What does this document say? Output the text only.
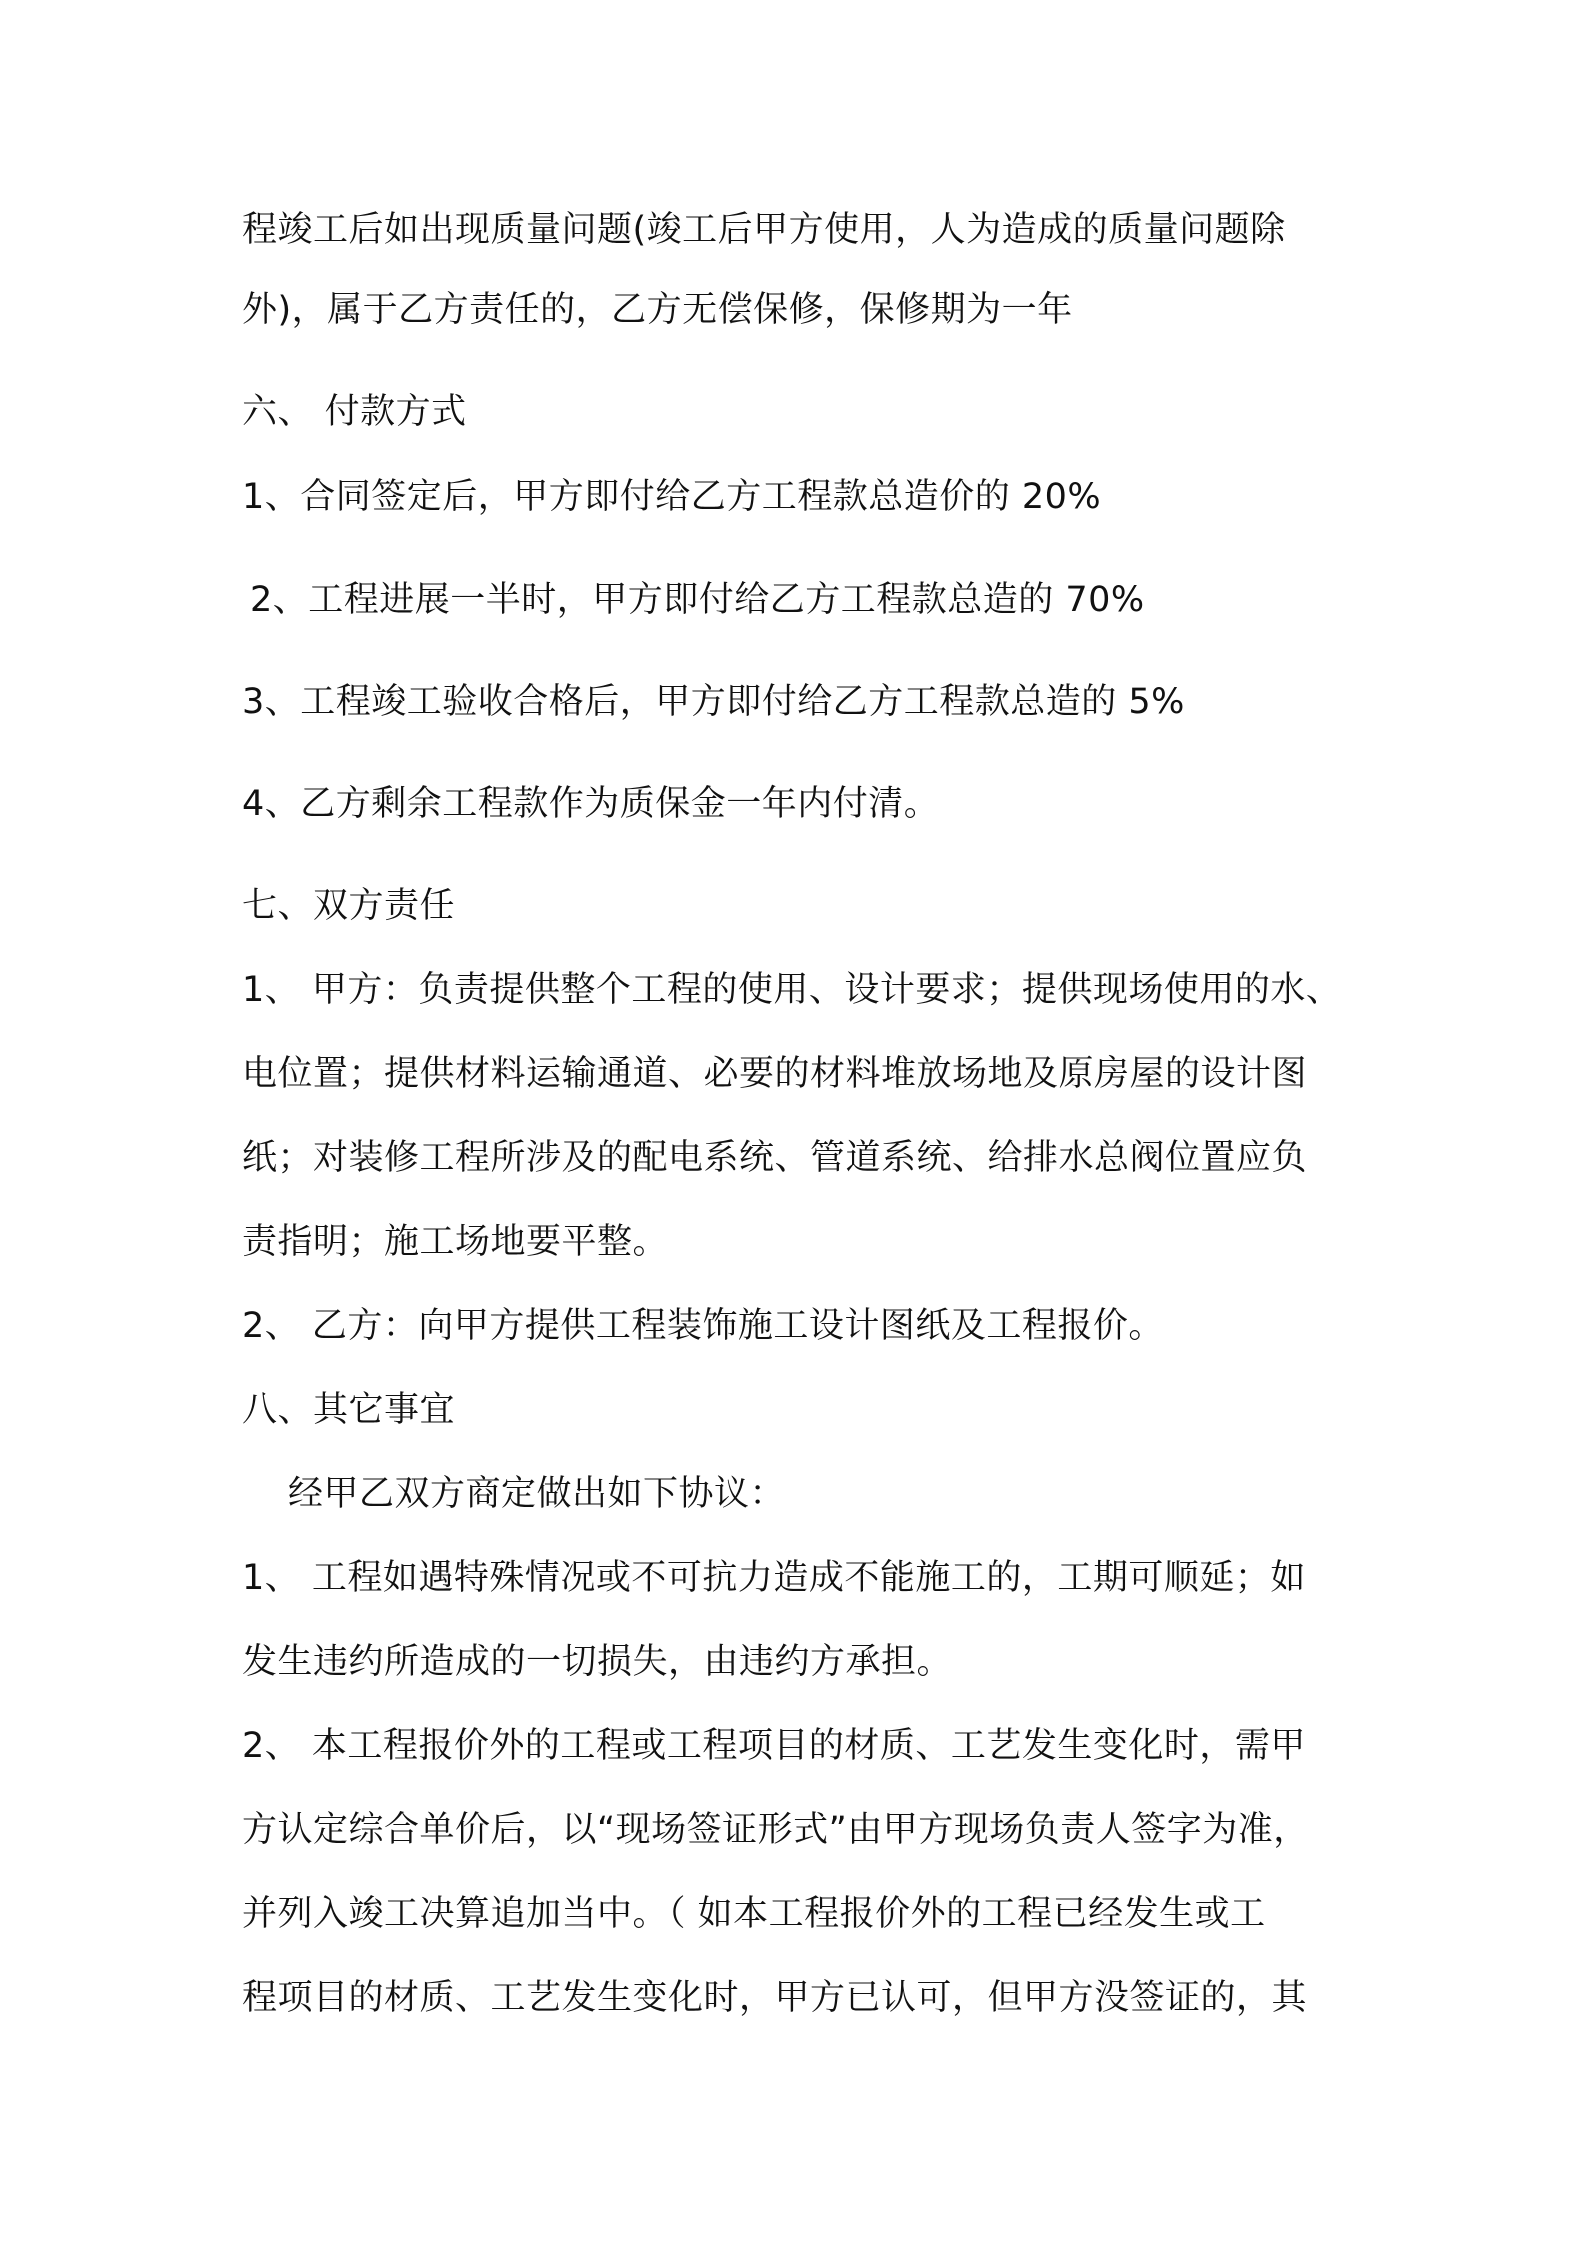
程竣工后如出现质量问题(竣工后甲方使用，人为造成的质量问题除
外)，属于乙方责任的，乙方无偿保修，保修期为一年
六、 付款方式
1、合同签定后，甲方即付给乙方工程款总造价的 20%
2、工程进展一半时，甲方即付给乙方工程款总造的 70%
3、工程竣工验收合格后，甲方即付给乙方工程款总造的 5%
4、乙方剩余工程款作为质保金一年内付清。
七、双方责任
1、 甲方：负责提供整个工程的使用、设计要求；提供现场使用的水、
电位置；提供材料运输通道、必要的材料堆放场地及原房屋的设计图
纸；对装修工程所涉及的配电系统、管道系统、给排水总阀位置应负
责指明；施工场地要平整。
2、 乙方：向甲方提供工程装饰施工设计图纸及工程报价。
八、其它事宜
经甲乙双方商定做出如下协议：
1、 工程如遇特殊情况或不可抗力造成不能施工的，工期可顺延；如
发生违约所造成的一切损失，由违约方承担。
2、 本工程报价外的工程或工程项目的材质、工艺发生变化时，需甲
方认定综合单价后，以“现场签证形式”由甲方现场负责人签字为准，
并列入竣工决算追加当中。（ 如本工程报价外的工程已经发生或工
程项目的材质、工艺发生变化时，甲方已认可，但甲方没签证的，其
